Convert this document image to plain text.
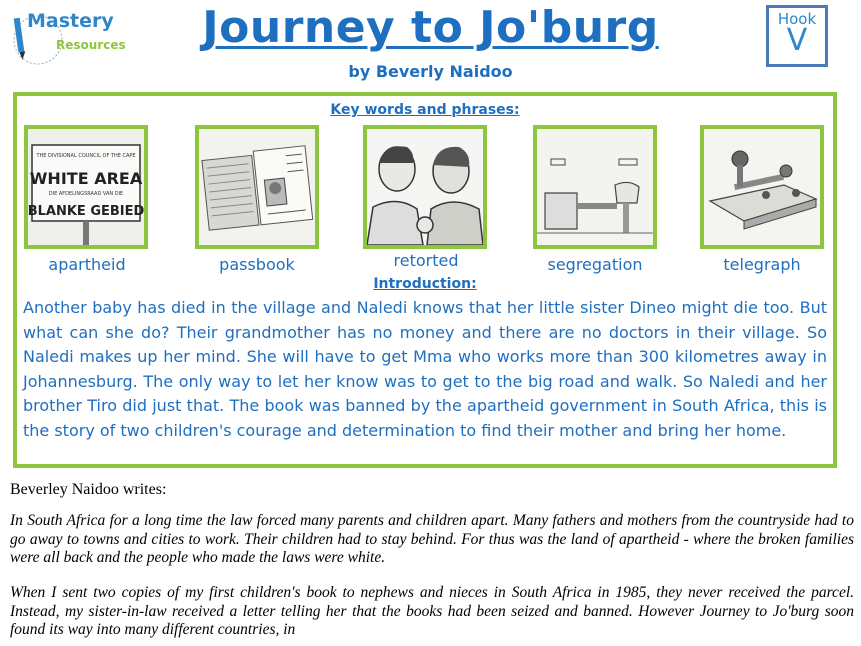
Mastery
Resources	Journey to Jo'burg
by Beverly Naidoo
Hook
V
Key words and phrases:
THE DIVISIONAL COUNCIL OF THE CAPE
WHITE AREA
DIE AFDELINGSRAAD VAN DIE
BLANKE GEBIED
apartheid	passbook	retorted	segregation	telegraph
Introduction:
Another baby has died in the village and Naledi knows that her little sister Dineo might die too. But what can she do? Their grandmother has no money and there are no doctors in their village. So Naledi makes up her mind. She will have to get Mma who works more than 300 kilometres away in Johannesburg. The only way to let her know was to get to the big road and walk. So Naledi and her brother Tiro did just that. The book was banned by the apartheid government in South Africa, this is the story of two children's courage and determination to find their mother and bring her home.
Beverley Naidoo writes:
In South Africa for a long time the law forced many parents and children apart. Many fathers and mothers from the countryside had to go away to towns and cities to work. Their children had to stay behind. For thus was the land of apartheid - where the broken families were all back and the people who made the laws were white.
When I sent two copies of my first children's book to nephews and nieces in South Africa in 1985, they never received the parcel. Instead, my sister-in-law received a letter telling her that the books had been seized and banned. However Journey to Jo'burg soon found its way into many different countries, in
